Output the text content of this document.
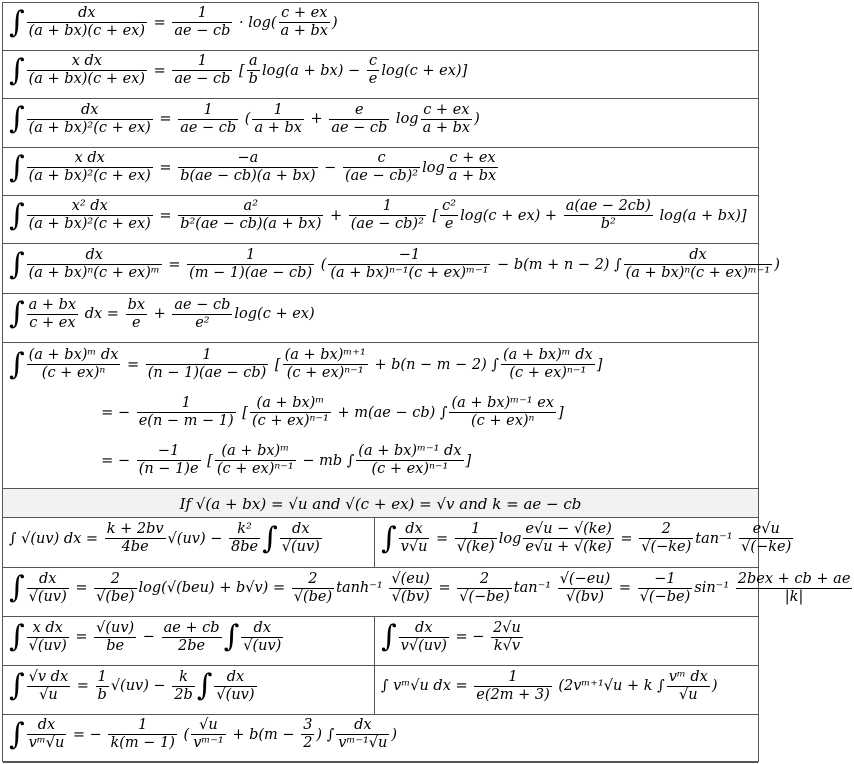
∫ $\frac{dx}{(a + bx)(c + ex)} = \frac{1}{ae - cb} \cdot \log( \frac{c + ex}{a + bx}$ )
∫ $\frac{\text{x dx}}{(a + bx)(c + ex)} = \frac{1}{ae - cb}$ [ $\frac{a}{b} \log(a + bx) - \frac{c}{e} \log(c + ex)$]
∫ $\frac{dx}{\text{(a + bx)²(c + ex)}} = \frac{1}{ae - cb}$ ( $\frac{1}{a + bx} + \frac{e}{ae - cb}$ $\log \frac{c + ex}{a + bx}$ )
∫ $\frac{\text{x dx}}{\text{(a + bx)²(c + ex)}} = \frac{-a}{b(ae - cb)(a + bx)} - \frac{c}{\text{(ae − cb)²}}$ $\log \frac{c + ex}{a + bx}$
∫ $\frac{\text{x² dx}}{\text{(a + bx)²(c + ex)}} = \frac{\text{a²}}{\text{b²(ae − cb)(a + bx)}} + \frac{1}{\text{(ae − cb)²}}$ [ $\frac{\text{c²}}{e} \log(c + ex) + \frac{a(ae - 2cb)}{\text{b²}} \log(a + bx)$]
∫ $\frac{dx}{\text{(a + bx)ⁿ(c + ex)ᵐ}} = \frac{1}{(m - 1)(ae - cb)}$ ( $\frac{-1}{\text{(a + bx)ⁿ⁻¹(c + ex)ᵐ⁻¹}} - b(m + n - 2)$ ∫ $\frac{dx}{\text{(a + bx)ⁿ(c + ex)ᵐ⁻¹}}$ )
∫ $\frac{a + bx}{c + ex}$ dx = $\frac{bx}{e} + \frac{ae - cb}{\text{e²}} \log(c + ex)$
∫ $\frac{\text{(a + bx)ᵐ dx}}{\text{(c + ex)ⁿ}} = \frac{1}{(n - 1)(ae - cb)}$ [ $\frac{\text{(a + bx)ᵐ⁺¹}}{\text{(c + ex)ⁿ⁻¹}} + b(n - m - 2)$ ∫ $\frac{\text{(a + bx)ᵐ dx}}{\text{(c + ex)ⁿ⁻¹}}$ ]
= − $\frac{1}{e(n - m - 1)}$ [ $\frac{\text{(a + bx)ᵐ}}{\text{(c + ex)ⁿ⁻¹}} + m(ae - cb)$ ∫ $\frac{\text{(a + bx)ᵐ⁻¹ ex}}{\text{(c + ex)ⁿ}}$ ]
= − $\frac{-1}{(n - 1)e}$ [ $\frac{\text{(a + bx)ᵐ}}{\text{(c + ex)ⁿ⁻¹}}$ − mb ∫ $\frac{\text{(a + bx)ᵐ⁻¹ dx}}{\text{(c + ex)ⁿ⁻¹}}$ ]
If √(a + bx) = √u and √(c + ex) = √v and k = ae − cb
∫ √(uv) dx = $\frac{k + 2bv}{4be} √(uv) - \frac{\text{k²}}{8be}$ ∫ $\frac{dx}{√(uv)}$ ∫ $\frac{dx}{v√u} = \frac{1}{√(ke)}$ $\log \frac{e√u - √(ke)}{e√u + √(ke)} = \frac{2}{√(-ke)} \tan^{-1} \frac{e√u}{√(-ke)}$
∫ $\frac{dx}{√(uv)} = \frac{2}{√(be)} \log(√(beu) + b√v) = \frac{2}{√(be)} \tanh^{-1} \frac{√(eu)}{√(bv)} = \frac{2}{√(-be)} \tan^{-1} \frac{√(-eu)}{√(bv)} = \frac{-1}{√(-be)} \sin^{-1} \frac{\text{2bex + cb + ae}}{|k|}$
∫ $\frac{\text{x dx}}{√(uv)} = \frac{√(uv)}{be} - \frac{ae + cb}{2be}$ ∫ $\frac{dx}{√(uv)}$	∫ $\frac{dx}{v√(uv)}$ = − $\frac{2√u}{k√v}$
∫ $\frac{\text{√v dx}}{√u} = \frac{1}{b} √(uv) - \frac{k}{2b}$ ∫ $\frac{dx}{√(uv)}$	∫ vᵐ√u dx = $\frac{1}{e(2m + 3)}$ (2vᵐ⁺¹√u + k ∫ $\frac{\text{vᵐ dx}}{√u}$ )
∫ $\frac{dx}{\text{vᵐ√u}}$ = − $\frac{1}{k(m - 1)}$ ( $\frac{√u}{\text{vᵐ⁻¹}} + b(m - \frac{3}{2}$ ) ∫ $\frac{dx}{\text{vᵐ⁻¹√u}}$ )
